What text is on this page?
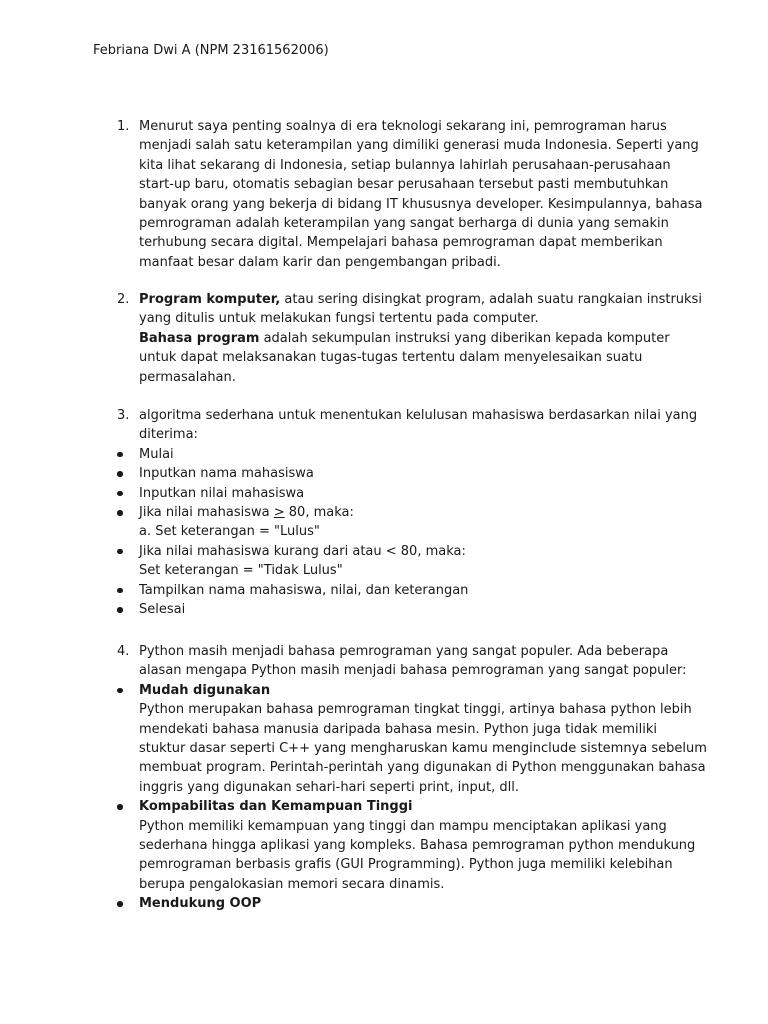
Febriana Dwi A (NPM 23161562006)
1. Menurut saya penting soalnya di era teknologi sekarang ini, pemrograman harus menjadi salah satu keterampilan yang dimiliki generasi muda Indonesia. Seperti yang kita lihat sekarang di Indonesia, setiap bulannya lahirlah perusahaan-perusahaan start-up baru, otomatis sebagian besar perusahaan tersebut pasti membutuhkan banyak orang yang bekerja di bidang IT khususnya developer. Kesimpulannya, bahasa pemrograman adalah keterampilan yang sangat berharga di dunia yang semakin terhubung secara digital. Mempelajari bahasa pemrograman dapat memberikan manfaat besar dalam karir dan pengembangan pribadi.

2. Program komputer, atau sering disingkat program, adalah suatu rangkaian instruksi yang ditulis untuk melakukan fungsi tertentu pada computer.

Bahasa program adalah sekumpulan instruksi yang diberikan kepada komputer untuk dapat melaksanakan tugas-tugas tertentu dalam menyelesaikan suatu permasalahan.

3. algoritma sederhana untuk menentukan kelulusan mahasiswa berdasarkan nilai yang diterima:

Mulai
Inputkan nama mahasiswa
Inputkan nilai mahasiswa
Jika nilai mahasiswa ≥ 80, maka:
a. Set keterangan = "Lulus"
Jika nilai mahasiswa kurang dari atau < 80, maka:
Set keterangan = "Tidak Lulus"
Tampilkan nama mahasiswa, nilai, dan keterangan
Selesai
4. Python masih menjadi bahasa pemrograman yang sangat populer. Ada beberapa alasan mengapa Python masih menjadi bahasa pemrograman yang sangat populer:

Mudah digunakan
Python merupakan bahasa pemrograman tingkat tinggi, artinya bahasa python lebih mendekati bahasa manusia daripada bahasa mesin. Python juga tidak memiliki stuktur dasar seperti C++ yang mengharuskan kamu menginclude sistemnya sebelum membuat program. Perintah-perintah yang digunakan di Python menggunakan bahasa inggris yang digunakan sehari-hari seperti print, input, dll.
Kompabilitas dan Kemampuan Tinggi
Python memiliki kemampuan yang tinggi dan mampu menciptakan aplikasi yang sederhana hingga aplikasi yang kompleks. Bahasa pemrograman python mendukung pemrograman berbasis grafis (GUI Programming). Python juga memiliki kelebihan berupa pengalokasian memori secara dinamis.
Mendukung OOP
